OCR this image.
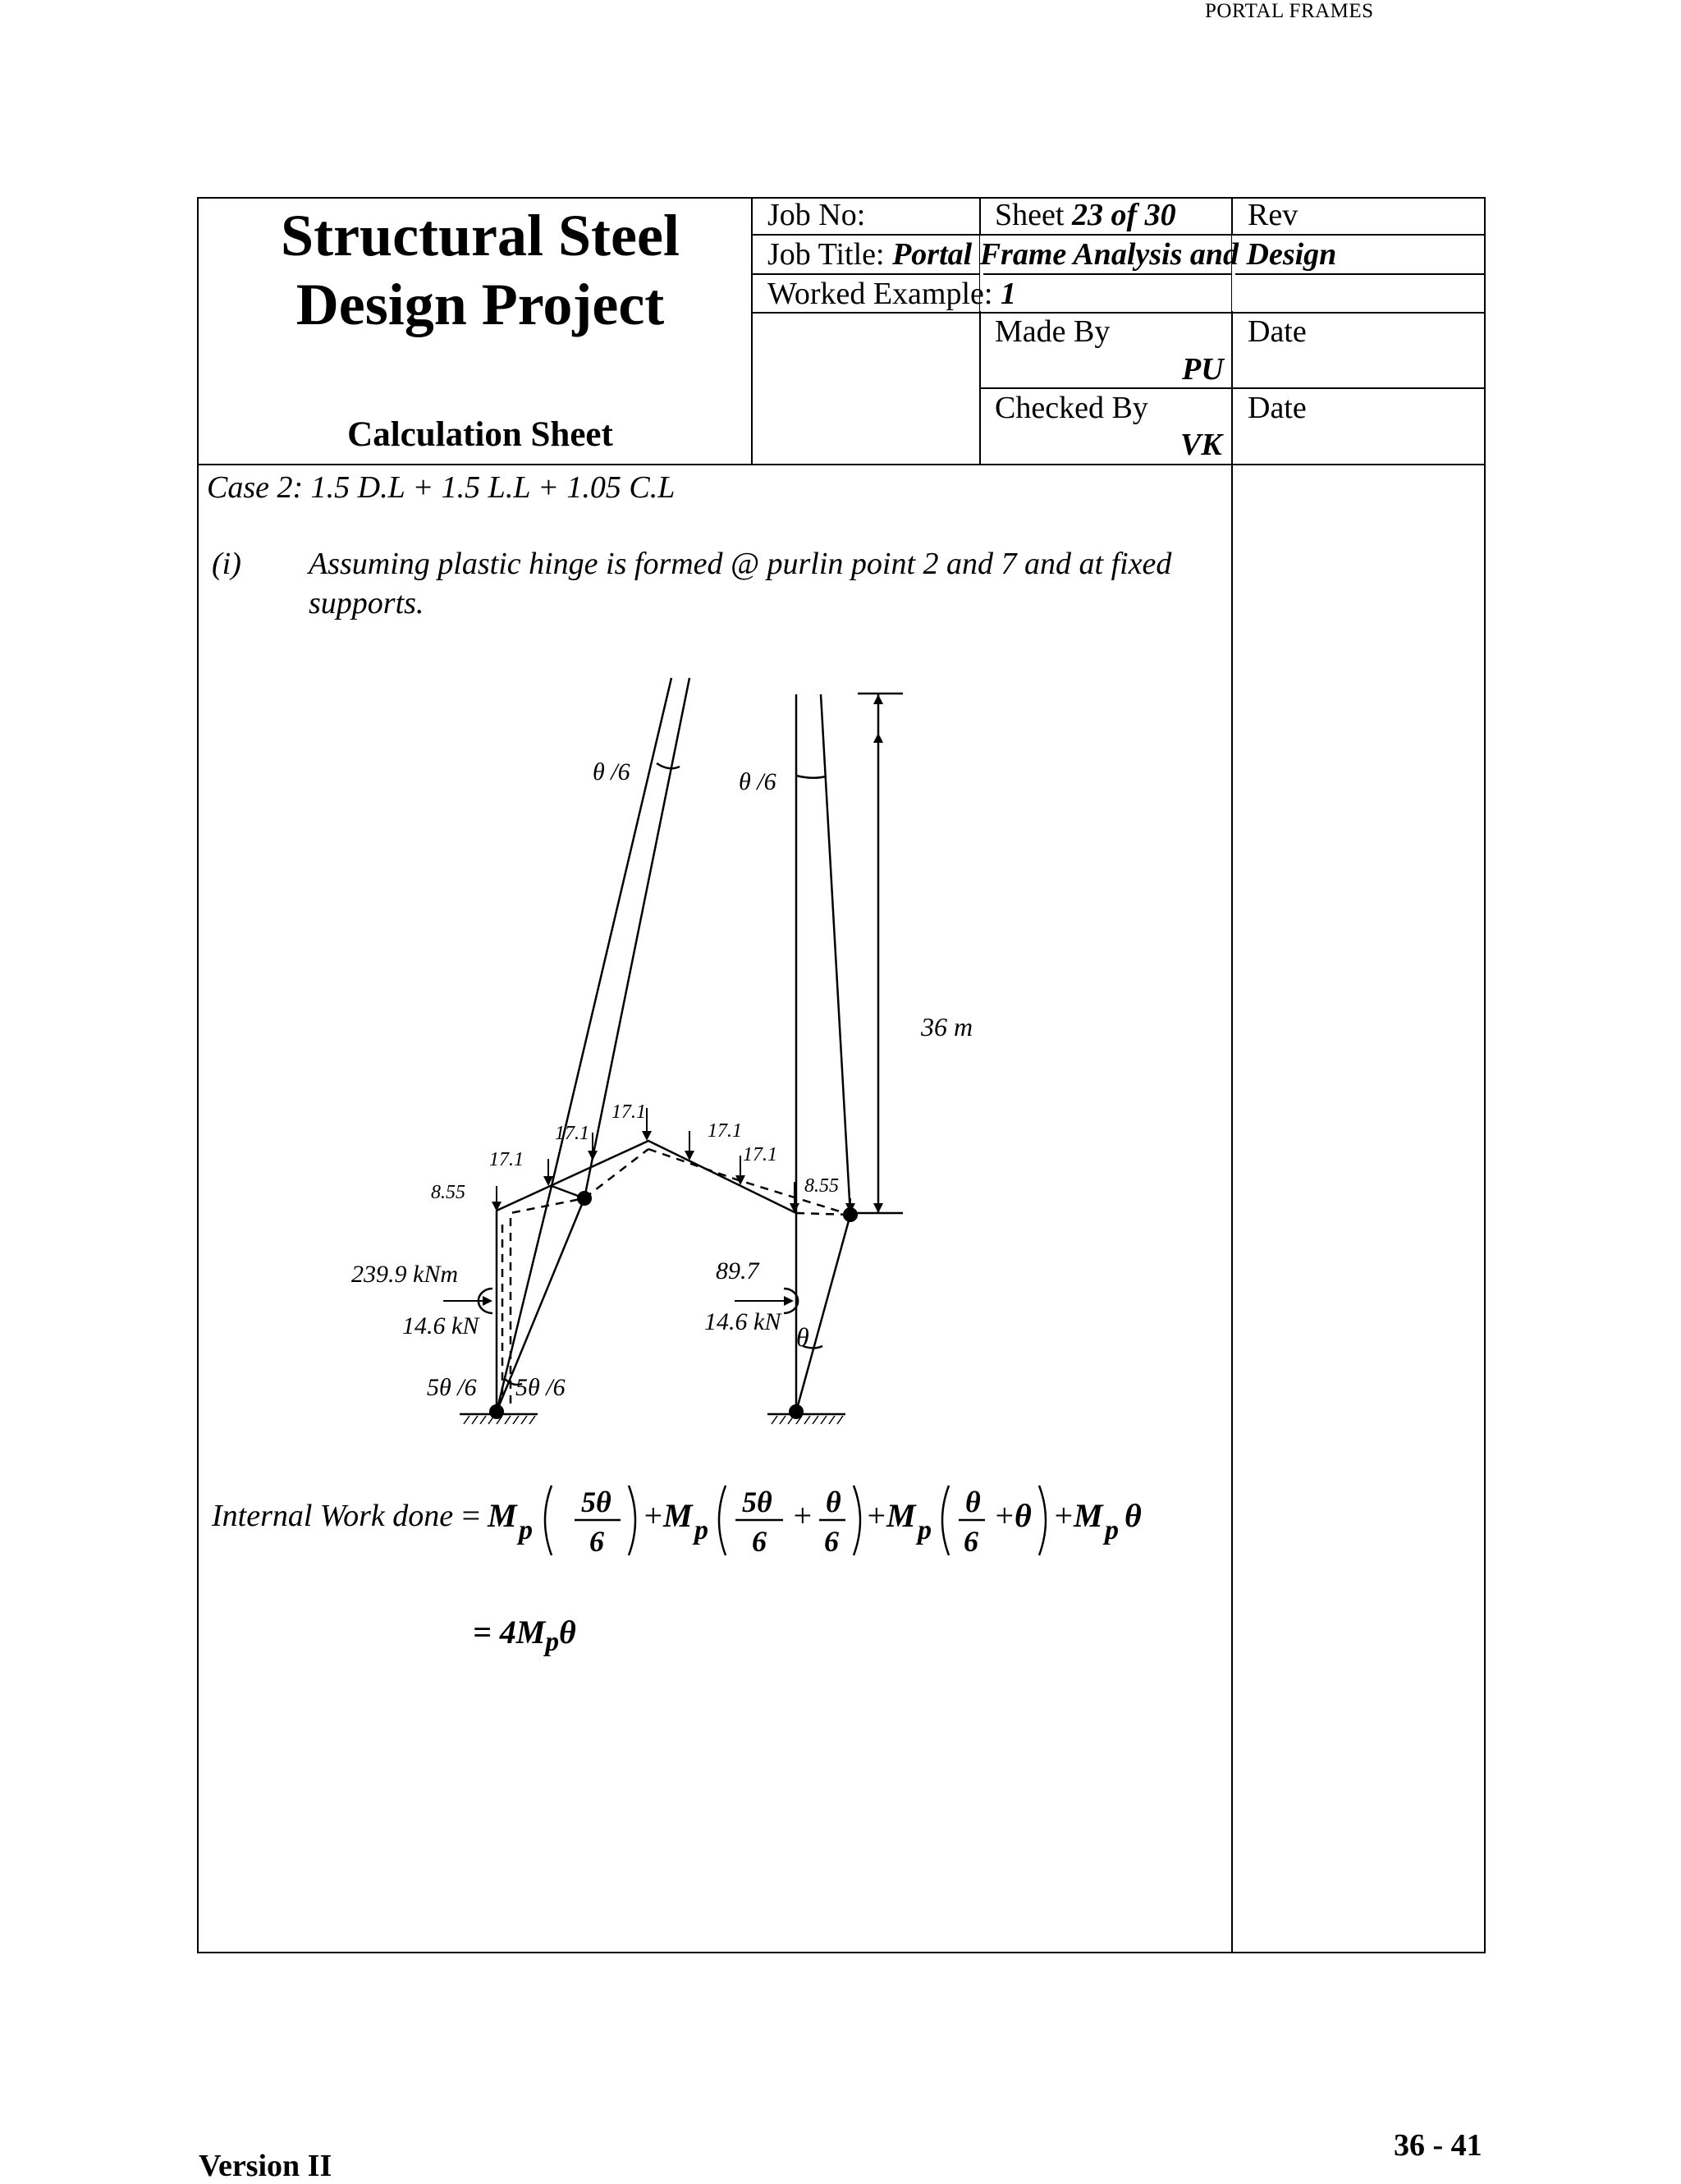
PORTAL FRAMES
Structural Steel
Design Project
Calculation Sheet
Job No:	Sheet 23 of 30 Rev
Job Title: Portal Frame Analysis and Design
Worked Example: 1
Made By
PU
Date
Checked By
VK
Date
Case 2: 1.5 D.L + 1.5 L.L + 1.05 C.L
(i) Assuming plastic hinge is formed @ purlin point 2 and 7 and at fixed
supports.
θ /6	θ /6
36 m
8.55
17.1
17.1
17.1
17.1
17.1
8.55
239.9 kNm
14.6 kN
89.7
14.6 kN
θ
5θ /6 5θ /6
Internal Work done = M p
5θ
6
+ M p
5θ
6
+ θ
6
+ M p
θ
6
+ θ + M p θ
= $4M_p\theta$
36 - 41
Version II
